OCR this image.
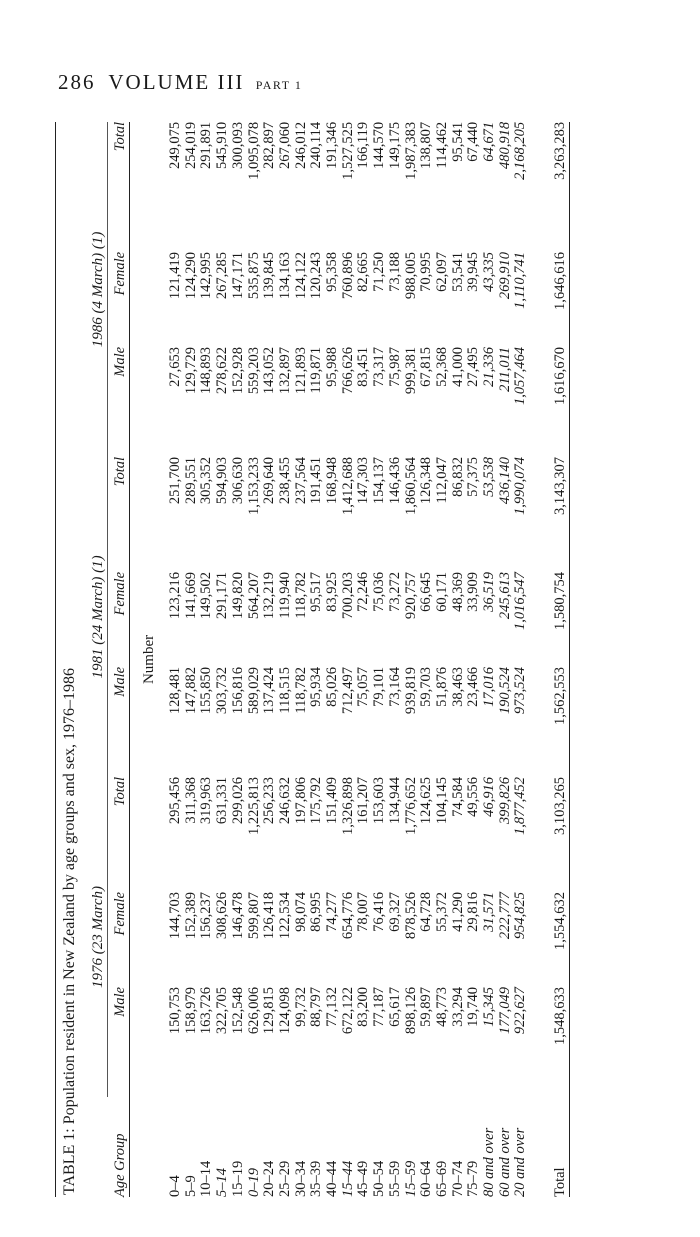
286 VOLUME III PART 1
TABLE 1: Population resident in New Zealand by age groups and sex, 1976–1986
	1976 (23 March)			1981 (24 March) (1)			1986 (4 March) (1)		
Age Group	Male	Female	Total	Male	Female	Total	Male	Female	Total
Number									

0–4	150,753	144,703	295,456	128,481	123,216	251,700	27,653	121,419	249,075
5–9	158,979	152,389	311,368	147,882	141,669	289,551	129,729	124,290	254,019
10–14	163,726	156,237	319,963	155,850	149,502	305,352	148,893	142,995	291,891
5–14	322,705	308,626	631,331	303,732	291,171	594,903	278,622	267,285	545,910
15–19	152,548	146,478	299,026	156,816	149,820	306,630	152,928	147,171	300,093
0–19	626,006	599,807	1,225,813	589,029	564,207	1,153,233	559,203	535,875	1,095,078
20–24	129,815	126,418	256,233	137,424	132,219	269,640	143,052	139,845	282,897
25–29	124,098	122,534	246,632	118,515	119,940	238,455	132,897	134,163	267,060
30–34	99,732	98,074	197,806	118,782	118,782	237,564	121,893	124,122	246,012
35–39	88,797	86,995	175,792	95,934	95,517	191,451	119,871	120,243	240,114
40–44	77,132	74,277	151,409	85,026	83,925	168,948	95,988	95,358	191,346
15–44	672,122	654,776	1,326,898	712,497	700,203	1,412,688	766,626	760,896	1,527,525
45–49	83,200	78,007	161,207	75,057	72,246	147,303	83,451	82,665	166,119
50–54	77,187	76,416	153,603	79,101	75,036	154,137	73,317	71,250	144,570
55–59	65,617	69,327	134,944	73,164	73,272	146,436	75,987	73,188	149,175
15–59	898,126	878,526	1,776,652	939,819	920,757	1,860,564	999,381	988,005	1,987,383
60–64	59,897	64,728	124,625	59,703	66,645	126,348	67,815	70,995	138,807
65–69	48,773	55,372	104,145	51,876	60,171	112,047	52,368	62,097	114,462
70–74	33,294	41,290	74,584	38,463	48,369	86,832	41,000	53,541	95,541
75–79	19,740	29,816	49,556	23,466	33,909	57,375	27,495	39,945	67,440
80 and over	15,345	31,571	46,916	17,016	36,519	53,538	21,336	43,335	64,671
60 and over	177,049	222,777	399,826	190,524	245,613	436,140	211,011	269,910	480,918
20 and over	922,627	954,825	1,877,452	973,524	1,016,547	1,990,074	1,057,464	1,110,741	2,168,205
Total	1,548,633	1,554,632	3,103,265	1,562,553	1,580,754	3,143,307	1,616,670	1,646,616	3,263,283
